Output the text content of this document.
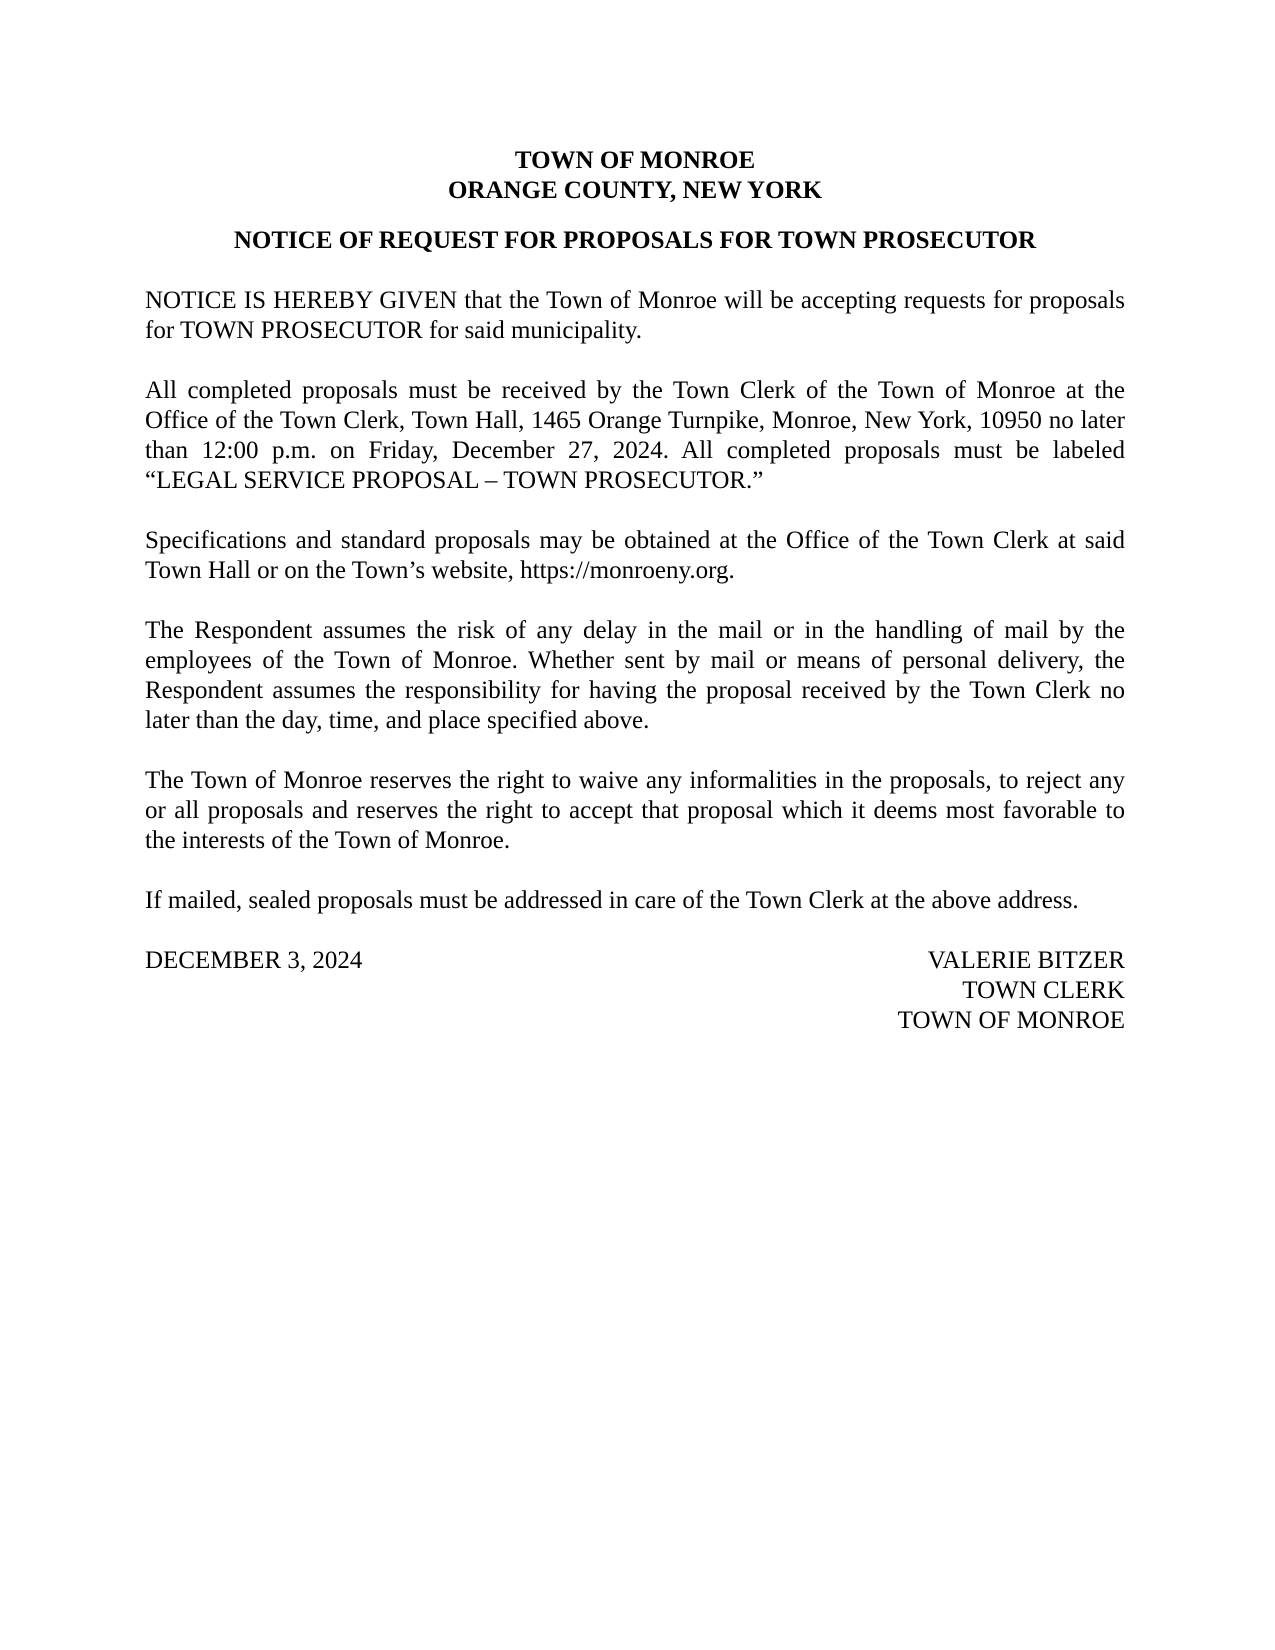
TOWN OF MONROE
ORANGE COUNTY, NEW YORK
NOTICE OF REQUEST FOR PROPOSALS FOR TOWN PROSECUTOR

NOTICE IS HEREBY GIVEN that the Town of Monroe will be accepting requests for proposals for TOWN PROSECUTOR for said municipality.

All completed proposals must be received by the Town Clerk of the Town of Monroe at the Office of the Town Clerk, Town Hall, 1465 Orange Turnpike, Monroe, New York, 10950 no later than 12:00 p.m. on Friday, December 27, 2024. All completed proposals must be labeled “LEGAL SERVICE PROPOSAL – TOWN PROSECUTOR.”

Specifications and standard proposals may be obtained at the Office of the Town Clerk at said Town Hall or on the Town’s website, https://monroeny.org.

The Respondent assumes the risk of any delay in the mail or in the handling of mail by the employees of the Town of Monroe. Whether sent by mail or means of personal delivery, the Respondent assumes the responsibility for having the proposal received by the Town Clerk no later than the day, time, and place specified above.

The Town of Monroe reserves the right to waive any informalities in the proposals, to reject any or all proposals and reserves the right to accept that proposal which it deems most favorable to the interests of the Town of Monroe.

If mailed, sealed proposals must be addressed in care of the Town Clerk at the above address.

DECEMBER 3, 2024	VALERIE BITZER
TOWN CLERK
TOWN OF MONROE
